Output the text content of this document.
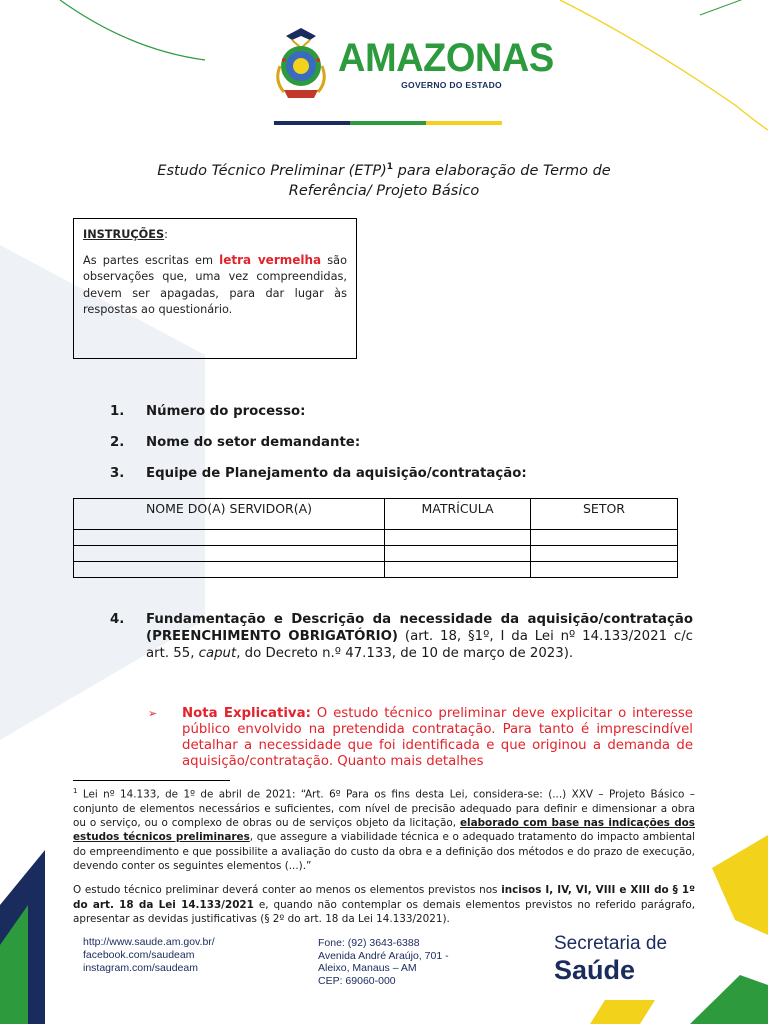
AMAZONAS
GOVERNO DO ESTADO
Estudo Técnico Preliminar (ETP)$^1$ para elaboração de Termo de
Referência/ Projeto Básico
INSTRUÇÕES:
As partes escritas em letra vermelha são observações que, uma vez compreendidas, devem ser apagadas, para dar lugar às respostas ao questionário.
1. Número do processo:
2. Nome do setor demandante:
3. Equipe de Planejamento da aquisição/contratação:
NOME DO(A) SERVIDOR(A)	MATRÍCULA	SETOR

4. Fundamentação e Descrição da necessidade da aquisição/contratação (PREENCHIMENTO OBRIGATÓRIO) (art. 18, §1º, I da Lei nº 14.133/2021 c/c art. 55, caput, do Decreto n.º 47.133, de 10 de março de 2023).
➢ Nota Explicativa: O estudo técnico preliminar deve explicitar o interesse público envolvido na pretendida contratação. Para tanto é imprescindível detalhar a necessidade que foi identificada e que originou a demanda de aquisição/contratação. Quanto mais detalhes

$^1$ Lei nº 14.133, de 1º de abril de 2021: “Art. 6º Para os fins desta Lei, considera-se: (...) XXV – Projeto Básico – conjunto de elementos necessários e suficientes, com nível de precisão adequado para definir e dimensionar a obra ou o serviço, ou o complexo de obras ou de serviços objeto da licitação, elaborado com base nas indicações dos estudos técnicos preliminares, que assegure a viabilidade técnica e o adequado tratamento do impacto ambiental do empreendimento e que possibilite a avaliação do custo da obra e a definição dos métodos e do prazo de execução, devendo conter os seguintes elementos (...).”

O estudo técnico preliminar deverá conter ao menos os elementos previstos nos incisos I, IV, VI, VIII e XIII do § 1º do art. 18 da Lei 14.133/2021 e, quando não contemplar os demais elementos previstos no referido parágrafo, apresentar as devidas justificativas (§ 2º do art. 18 da Lei 14.133/2021).

http://www.saude.am.gov.br/
facebook.com/saudeam
instagram.com/saudeam
Fone: (92) 3643-6388
Avenida André Araújo, 701 -
Aleixo, Manaus – AM
CEP: 69060-000
Secretaria de
Saúde
